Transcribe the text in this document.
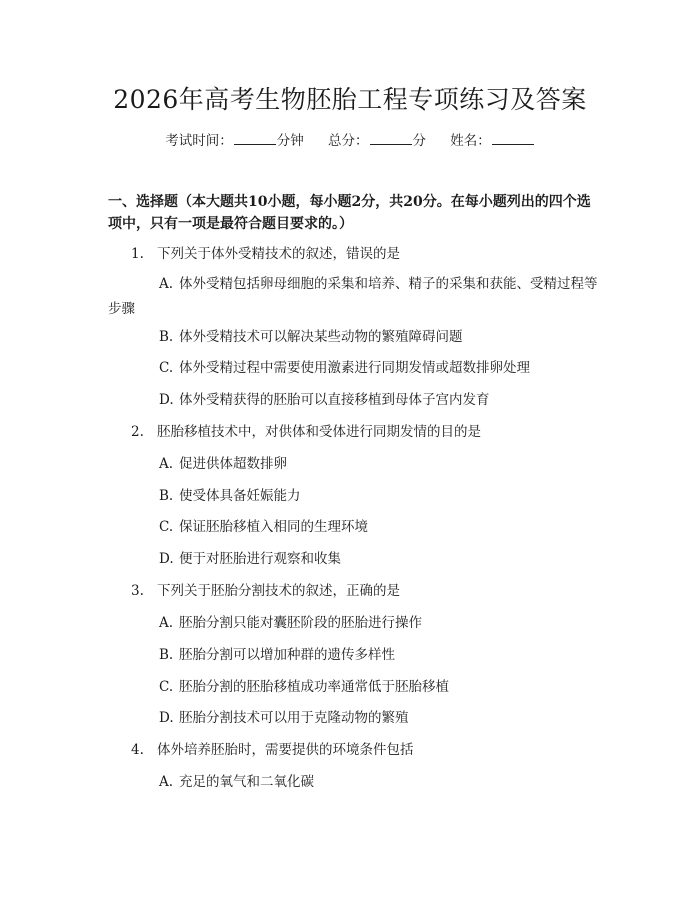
2026年高考生物胚胎工程专项练习及答案
考试时间：	分钟 总分：	分 姓名：
一、选择题（本大题共10小题，每小题2分，共20分。在每小题列出的四个选项中，只有一项是最符合题目要求的。）
1. 下列关于体外受精技术的叙述，错误的是
A. 体外受精包括卵母细胞的采集和培养、精子的采集和获能、受精过程等步骤
B. 体外受精技术可以解决某些动物的繁殖障碍问题
C. 体外受精过程中需要使用激素进行同期发情或超数排卵处理
D. 体外受精获得的胚胎可以直接移植到母体子宫内发育
2. 胚胎移植技术中，对供体和受体进行同期发情的目的是
A. 促进供体超数排卵
B. 使受体具备妊娠能力
C. 保证胚胎移植入相同的生理环境
D. 便于对胚胎进行观察和收集
3. 下列关于胚胎分割技术的叙述，正确的是
A. 胚胎分割只能对囊胚阶段的胚胎进行操作
B. 胚胎分割可以增加种群的遗传多样性
C. 胚胎分割的胚胎移植成功率通常低于胚胎移植
D. 胚胎分割技术可以用于克隆动物的繁殖
4. 体外培养胚胎时，需要提供的环境条件包括
A. 充足的氧气和二氧化碳
